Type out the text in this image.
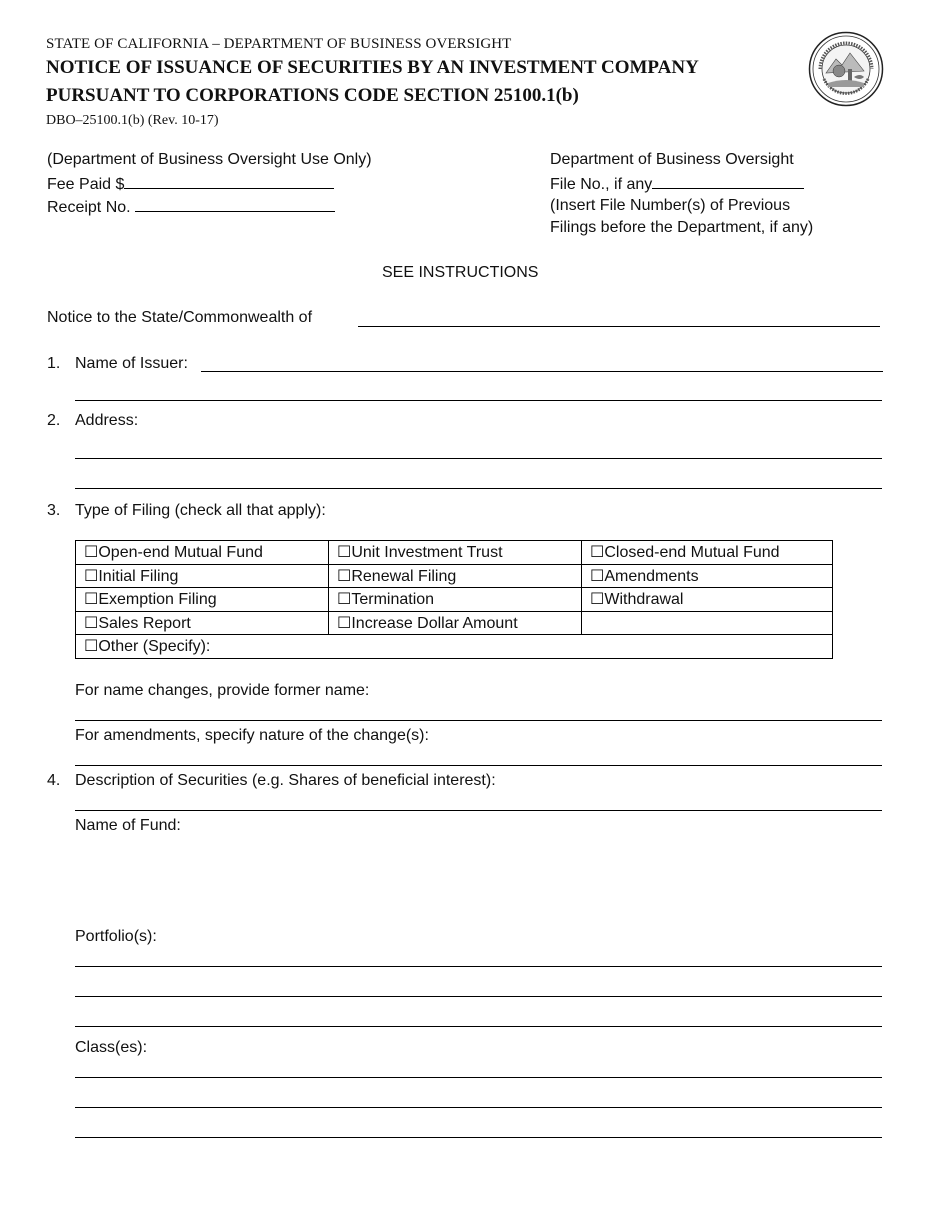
STATE OF CALIFORNIA – DEPARTMENT OF BUSINESS OVERSIGHT
NOTICE OF ISSUANCE OF SECURITIES BY AN INVESTMENT COMPANY
PURSUANT TO CORPORATIONS CODE SECTION 25100.1(b)
DBO–25100.1(b) (Rev. 10-17)
(Department of Business Oversight Use Only)
Fee Paid $
Receipt No.
Department of Business Oversight
File No., if any
(Insert File Number(s) of Previous
Filings before the Department, if any)
SEE INSTRUCTIONS
Notice to the State/Commonwealth of
1. Name of Issuer:
2. Address:
3. Type of Filing (check all that apply):
☐Open-end Mutual Fund	☐Unit Investment Trust	☐Closed-end Mutual Fund
☐Initial Filing	☐Renewal Filing	☐Amendments
☐Exemption Filing	☐Termination	☐Withdrawal
☐Sales Report	☐Increase Dollar Amount	
☐Other (Specify):		
For name changes, provide former name:
For amendments, specify nature of the change(s):
4. Description of Securities (e.g. Shares of beneficial interest):
Name of Fund:
Portfolio(s):
Class(es):
